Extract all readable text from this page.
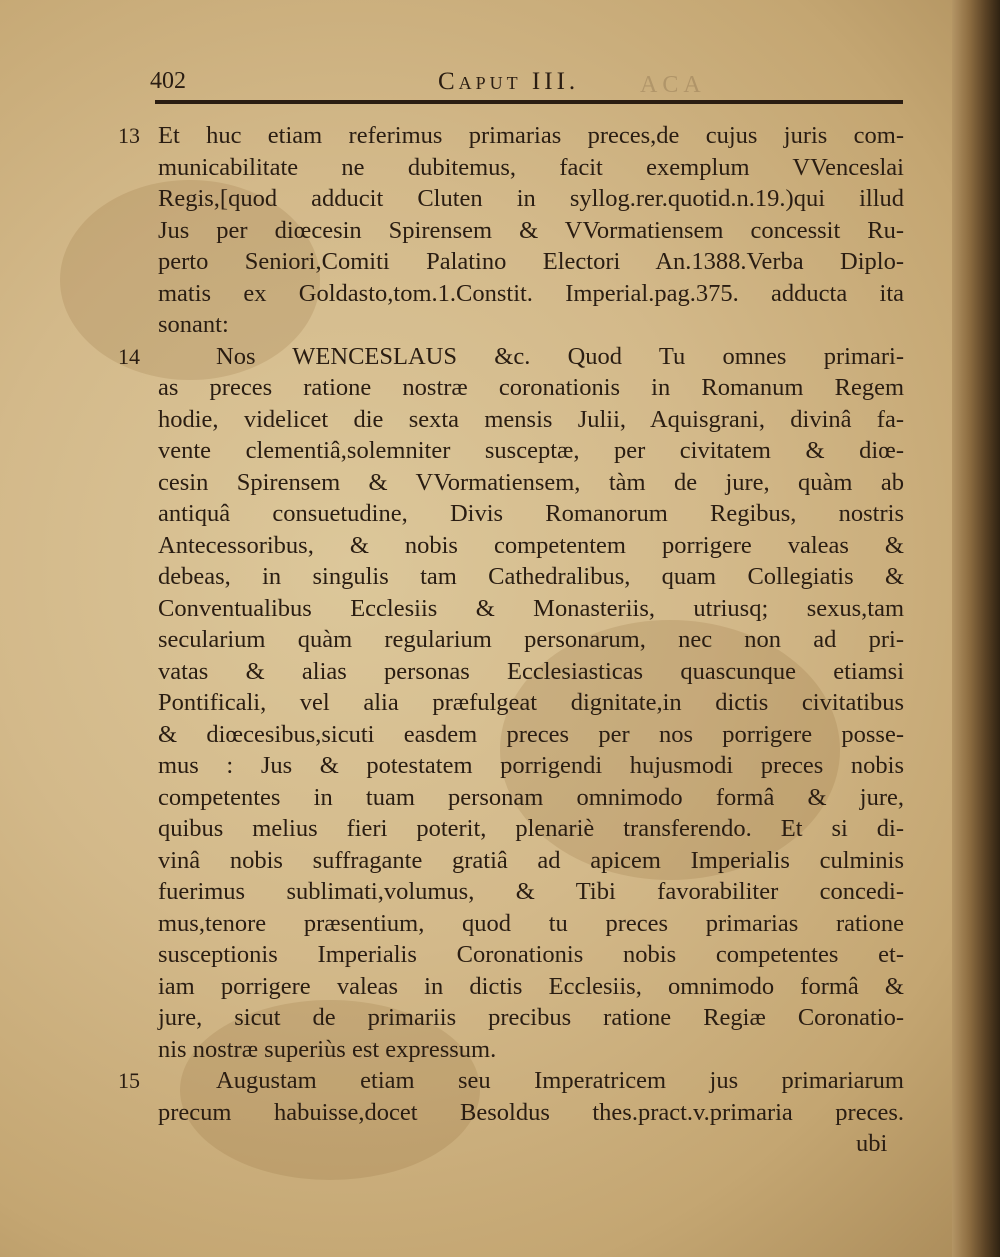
402	Caput III.	ACA
13 Et huc etiam referimus primarias preces,de cujus juris com-
municabilitate ne dubitemus, facit exemplum VVenceslai
Regis,[quod adducit Cluten in syllog.rer.quotid.n.19.)qui illud
Jus per diœcesin Spirensem & VVormatiensem concessit Ru-
perto Seniori,Comiti Palatino Electori An.1388.Verba Diplo-
matis ex Goldasto,tom.1.Constit. Imperial.pag.375. adducta ita
sonant:
14	Nos WENCESLAUS &c. Quod Tu omnes primari-
as preces ratione nostræ coronationis in Romanum Regem
hodie, videlicet die sexta mensis Julii, Aquisgrani, divinâ fa-
vente clementiâ,solemniter susceptæ, per civitatem & diœ-
cesin Spirensem & VVormatiensem, tàm de jure, quàm ab
antiquâ consuetudine, Divis Romanorum Regibus, nostris
Antecessoribus, & nobis competentem porrigere valeas &
debeas, in singulis tam Cathedralibus, quam Collegiatis &
Conventualibus Ecclesiis & Monasteriis, utriusq; sexus,tam
secularium quàm regularium personarum, nec non ad pri-
vatas & alias personas Ecclesiasticas quascunque etiamsi
Pontificali, vel alia præfulgeat dignitate,in dictis civitatibus
& diœcesibus,sicuti easdem preces per nos porrigere posse-
mus : Jus & potestatem porrigendi hujusmodi preces nobis
competentes in tuam personam omnimodo formâ & jure,
quibus melius fieri poterit, plenariè transferendo. Et si di-
vinâ nobis suffragante gratiâ ad apicem Imperialis culminis
fuerimus sublimati,volumus, & Tibi favorabiliter concedi-
mus,tenore præsentium, quod tu preces primarias ratione
susceptionis Imperialis Coronationis nobis competentes et-
iam porrigere valeas in dictis Ecclesiis, omnimodo formâ &
jure, sicut de primariis precibus ratione Regiæ Coronatio-
nis nostræ superiùs est expressum.
15	Augustam etiam seu Imperatricem jus primariarum
precum habuisse,docet Besoldus thes.pract.v.primaria preces.
ubi
